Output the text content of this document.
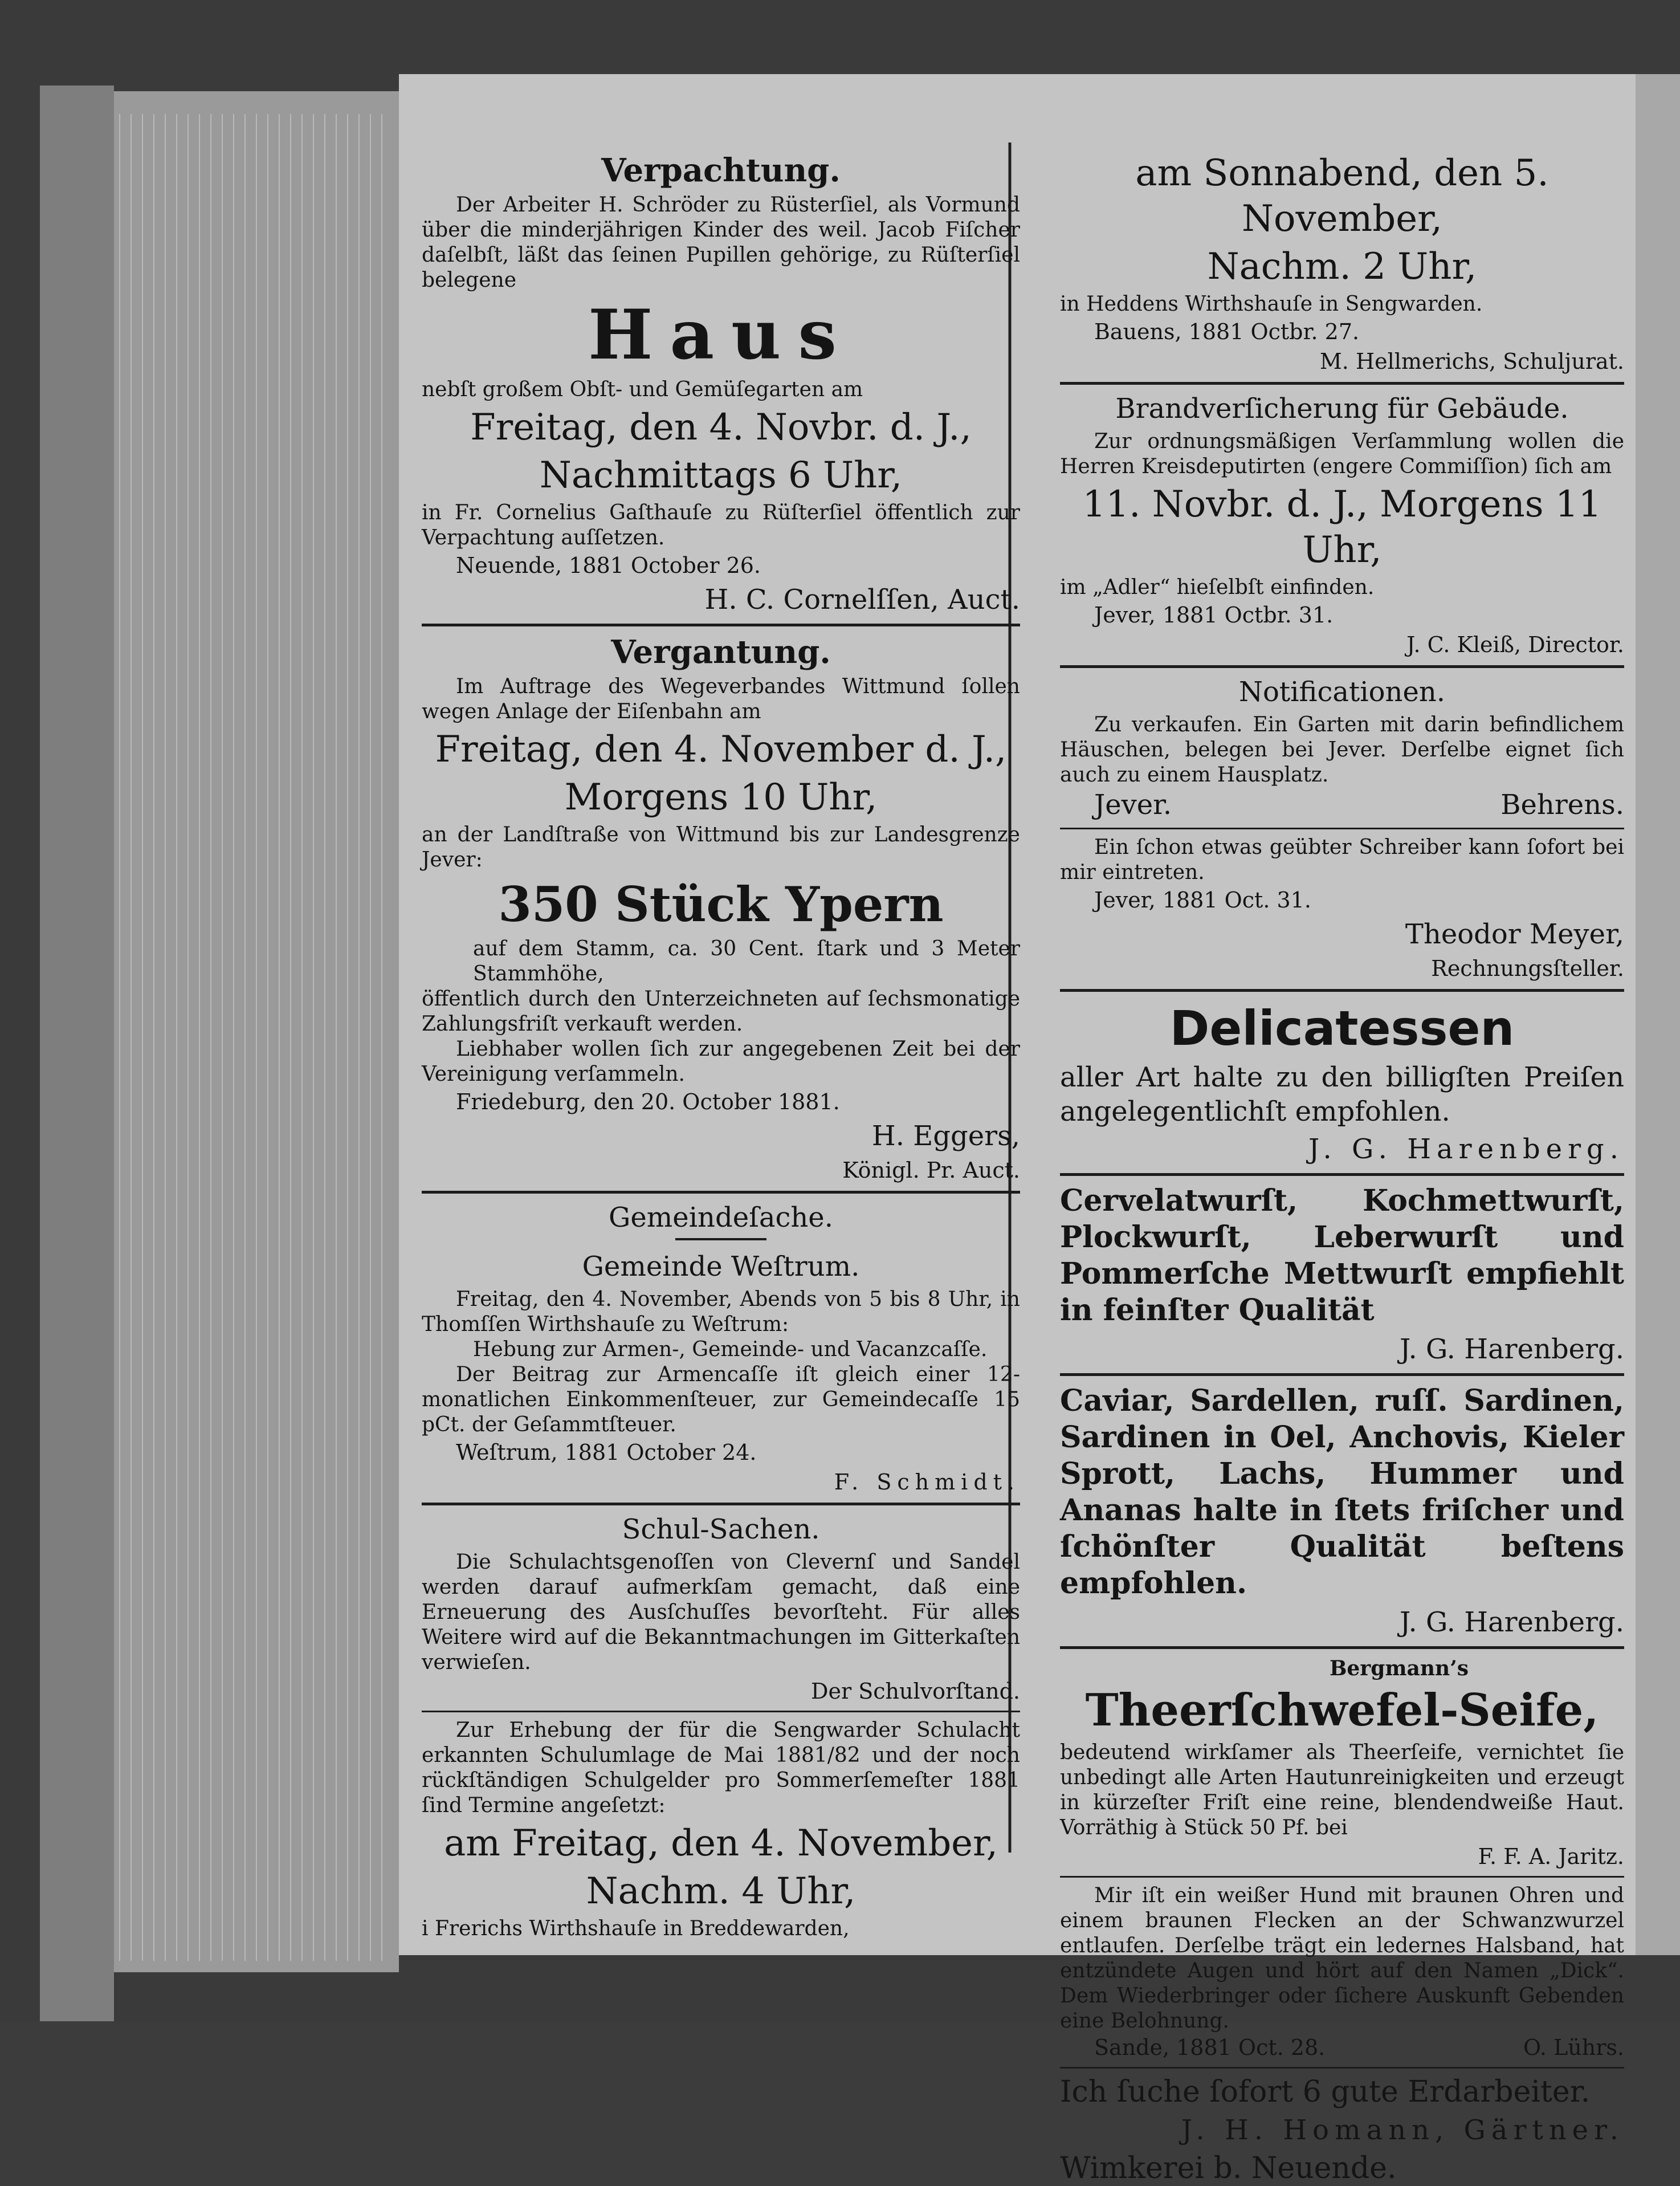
Verpachtung.

Der Arbeiter H. Schröder zu Rüsterſiel, als Vormund über die minderjährigen Kinder des weil. Jacob Fiſcher daſelbſt, läßt das ſeinen Pupillen gehörige, zu Rüſterſiel belegene

Haus

nebſt großem Obſt- und Gemüſegarten am

Freitag, den 4. Novbr. d. J.,
Nachmittags 6 Uhr,

in Fr. Cornelius Gaſthauſe zu Rüſterſiel öffentlich zur Verpachtung auſſetzen.

Neuende, 1881 October 26.
H. C. Cornelſſen, Auct.
Vergantung.

Im Auftrage des Wegeverbandes Wittmund ſollen wegen Anlage der Eiſenbahn am

Freitag, den 4. November d. J.,
Morgens 10 Uhr,

an der Landſtraße von Wittmund bis zur Landesgrenze Jever:

350 Stück Ypern

auf dem Stamm, ca. 30 Cent. ſtark und 3 Meter Stammhöhe,

öffentlich durch den Unterzeichneten auf ſechsmonatige Zahlungsfriſt verkauft werden.

Liebhaber wollen ſich zur angegebenen Zeit bei der Vereinigung verſammeln.

Friedeburg, den 20. October 1881.
H. Eggers,
Königl. Pr. Auct.
Gemeindeſache.
Gemeinde Weſtrum.

Freitag, den 4. November, Abends von 5 bis 8 Uhr, in Thomſſen Wirthshauſe zu Weſtrum:

Hebung zur Armen-, Gemeinde- und Vacanzcaſſe.

Der Beitrag zur Armencaſſe iſt gleich einer 12monatlichen Einkommenſteuer, zur Gemeindecaſſe 15 pCt. der Geſammtſteuer.

Weſtrum, 1881 October 24.
F. Schmidt.
Schul-Sachen.

Die Schulachtsgenoſſen von Clevernſ und Sandel werden darauf aufmerkſam gemacht, daß eine Erneuerung des Ausſchuſſes bevorſteht. Für alles Weitere wird auf die Bekanntmachungen im Gitterkaſten verwieſen.

Der Schulvorſtand.

Zur Erhebung der für die Sengwarder Schulacht erkannten Schulumlage de Mai 1881/82 und der noch rückſtändigen Schulgelder pro Sommerſemeſter 1881 ſind Termine angeſetzt:

am Freitag, den 4. November,
Nachm. 4 Uhr,

i Frerichs Wirthshauſe in Breddewarden,

am Sonnabend, den 5. November,
Nachm. 2 Uhr,

in Heddens Wirthshauſe in Sengwarden.

Bauens, 1881 Octbr. 27.
M. Hellmerichs, Schuljurat.
Brandverſicherung für Gebäude.

Zur ordnungsmäßigen Verſammlung wollen die Herren Kreisdeputirten (engere Commiſſion) ſich am

11. Novbr. d. J., Morgens 11 Uhr,

im „Adler“ hieſelbſt einfinden.

Jever, 1881 Octbr. 31.
J. C. Kleiß, Director.
Notificationen.

Zu verkaufen. Ein Garten mit darin befindlichem Häuschen, belegen bei Jever. Derſelbe eignet ſich auch zu einem Hausplatz.

Jever.	Behrens.

Ein ſchon etwas geübter Schreiber kann ſofort bei mir eintreten.

Jever, 1881 Oct. 31.
Theodor Meyer,
Rechnungsſteller.
Delicatessen

aller Art halte zu den billigſten Preiſen angelegentlichſt empfohlen.

J. G. Harenberg.

Cervelatwurſt, Kochmettwurſt, Plockwurſt, Leberwurſt und Pommerſche Mettwurſt empfiehlt in feinſter Qualität

J. G. Harenberg.

Caviar, Sardellen, ruſſ. Sardinen, Sardinen in Oel, Anchovis, Kieler Sprott, Lachs, Hummer und Ananas halte in ſtets friſcher und ſchönſter Qualität beſtens empfohlen.

J. G. Harenberg.
Bergmann’s
Theerſchwefel-Seife,

bedeutend wirkſamer als Theerſeife, vernichtet ſie unbedingt alle Arten Hautunreinigkeiten und erzeugt in kürzeſter Friſt eine reine, blendendweiße Haut. Vorräthig à Stück 50 Pf. bei

F. F. A. Jaritz.

Mir iſt ein weißer Hund mit braunen Ohren und einem braunen Flecken an der Schwanzwurzel entlaufen. Derſelbe trägt ein ledernes Halsband, hat entzündete Augen und hört auf den Namen „Dick“. Dem Wiederbringer oder ſichere Auskunft Gebenden eine Belohnung.

Sande, 1881 Oct. 28.	O. Lührs.
Ich ſuche ſofort 6 gute Erdarbeiter.
J. H. Homann, Gärtner.
Wimkerei b. Neuende.
